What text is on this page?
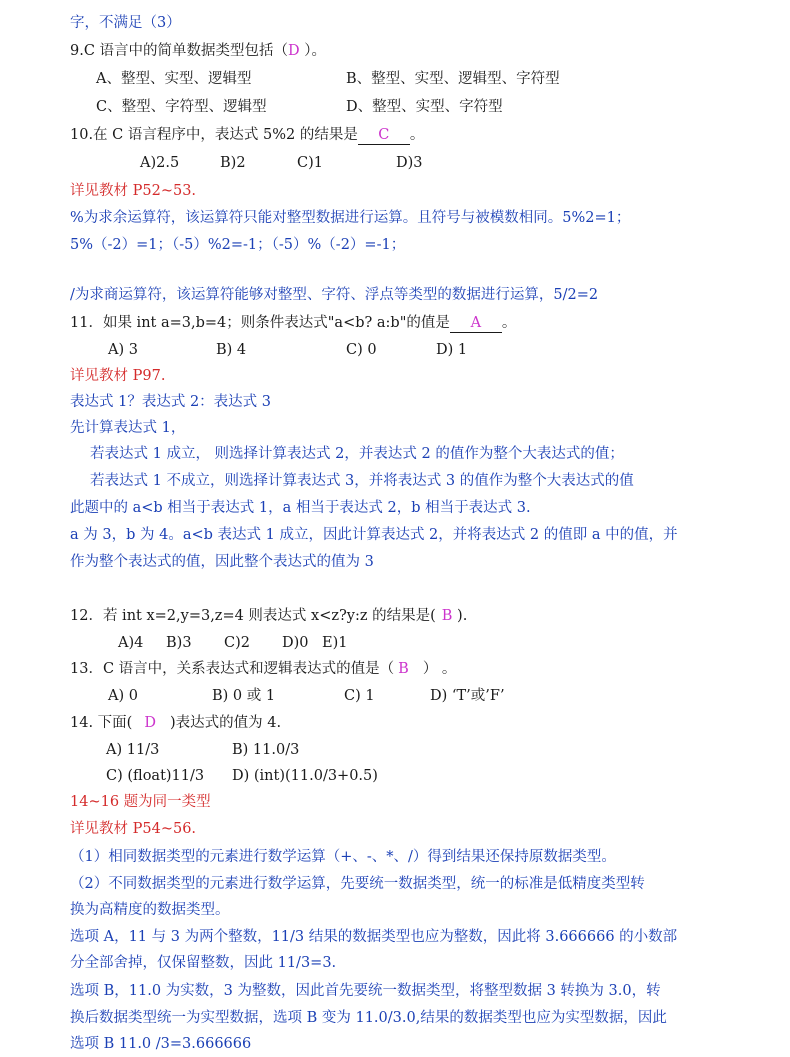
字，不满足（3）
9.C 语言中的简单数据类型包括（D ）。
A、整型、实型、逻辑型	B、整型、实型、逻辑型、字符型
C、整型、字符型、逻辑型	D、整型、实型、字符型
10.在 C 语言程序中，表达式 5%2 的结果是 C 。
A)2.5	B)2	C)1	D)3
详见教材 P52~53.
%为求余运算符，该运算符只能对整型数据进行运算。且符号与被模数相同。5%2=1；
5%（-2）=1；（-5）%2=-1；（-5）%（-2）=-1；
/为求商运算符，该运算符能够对整型、字符、浮点等类型的数据进行运算，5/2=2
11．如果 int a=3,b=4；则条件表达式"a<b? a:b"的值是 A 。
A) 3	B) 4	C) 0	D) 1
详见教材 P97.
表达式 1？表达式 2：表达式 3
先计算表达式 1，
若表达式 1 成立， 则选择计算表达式 2，并表达式 2 的值作为整个大表达式的值；
若表达式 1 不成立，则选择计算表达式 3，并将表达式 3 的值作为整个大表达式的值
此题中的 a<b 相当于表达式 1，a 相当于表达式 2，b 相当于表达式 3.
a 为 3，b 为 4。a<b 表达式 1 成立，因此计算表达式 2，并将表达式 2 的值即 a 中的值，并
作为整个表达式的值，因此整个表达式的值为 3
12．若 int x=2,y=3,z=4 则表达式 x<z?y:z 的结果是( B ).
A)4 B)3 C)2 D)0 E)1
13．C 语言中，关系表达式和逻辑表达式的值是（ B ） 。
A) 0	B) 0 或 1	C) 1	D) ‘T’或’F’
14. 下面( D )表达式的值为 4.
A) 11/3	B) 11.0/3
C) (float)11/3 D) (int)(11.0/3+0.5)
14~16 题为同一类型
详见教材 P54~56.
（1）相同数据类型的元素进行数学运算（+、-、*、/）得到结果还保持原数据类型。
（2）不同数据类型的元素进行数学运算，先要统一数据类型，统一的标准是低精度类型转
换为高精度的数据类型。
选项 A，11 与 3 为两个整数，11/3 结果的数据类型也应为整数，因此将 3.666666 的小数部
分全部舍掉，仅保留整数，因此 11/3=3.
选项 B，11.0 为实数，3 为整数，因此首先要统一数据类型，将整型数据 3 转换为 3.0，转
换后数据类型统一为实型数据，选项 B 变为 11.0/3.0,结果的数据类型也应为实型数据，因此
选项 B 11.0 /3=3.666666
